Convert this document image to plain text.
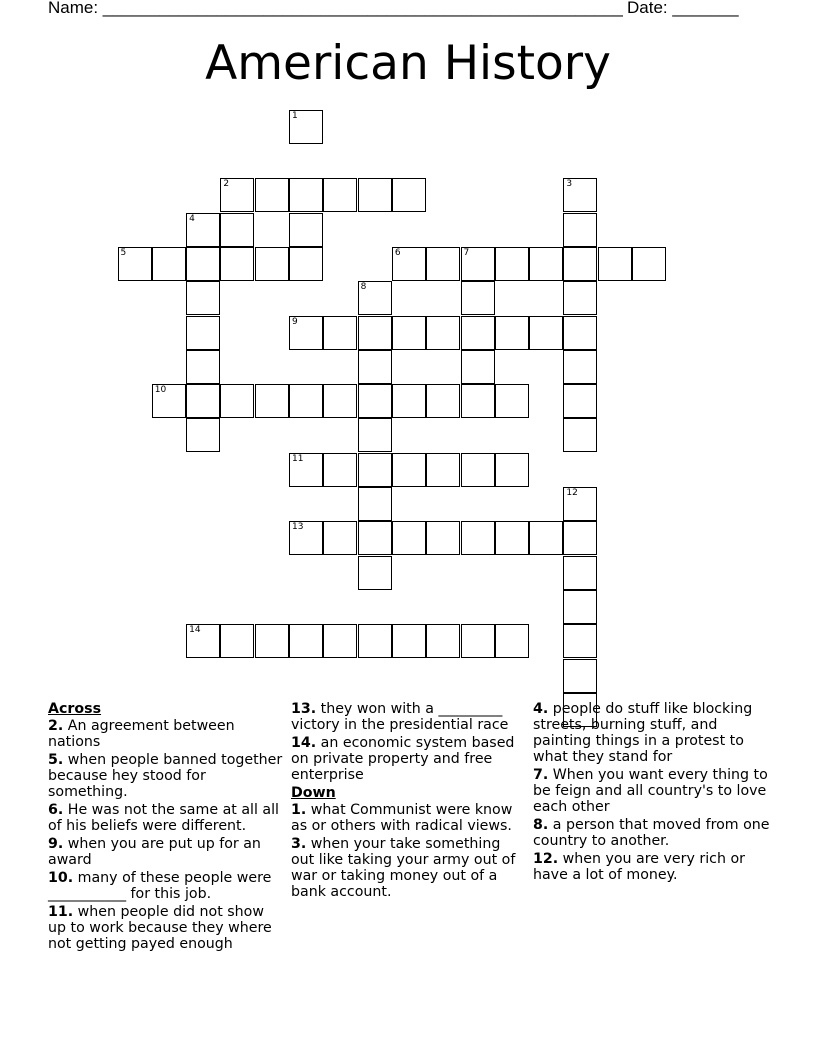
Name: _______________________________________________________ Date: _______
American History
1
2	3
4
5	6	7
8
9
10
11
12
13
14
Across
2. An agreement between nations
5. when people banned together because hey stood for something.
6. He was not the same at all all of his beliefs were different.
9. when you are put up for an award
10. many of these people were ___________ for this job.
11. when people did not show up to work because they where not getting payed enough
13. they won with a _________ victory in the presidential race
14. an economic system based on private property and free enterprise
Down
1. what Communist were know as or others with radical views.
3. when your take something out like taking your army out of war or taking money out of a bank account.
4. people do stuff like blocking streets, burning stuff, and painting things in a protest to what they stand for
7. When you want every thing to be feign and all country's to love each other
8. a person that moved from one country to another.
12. when you are very rich or have a lot of money.
